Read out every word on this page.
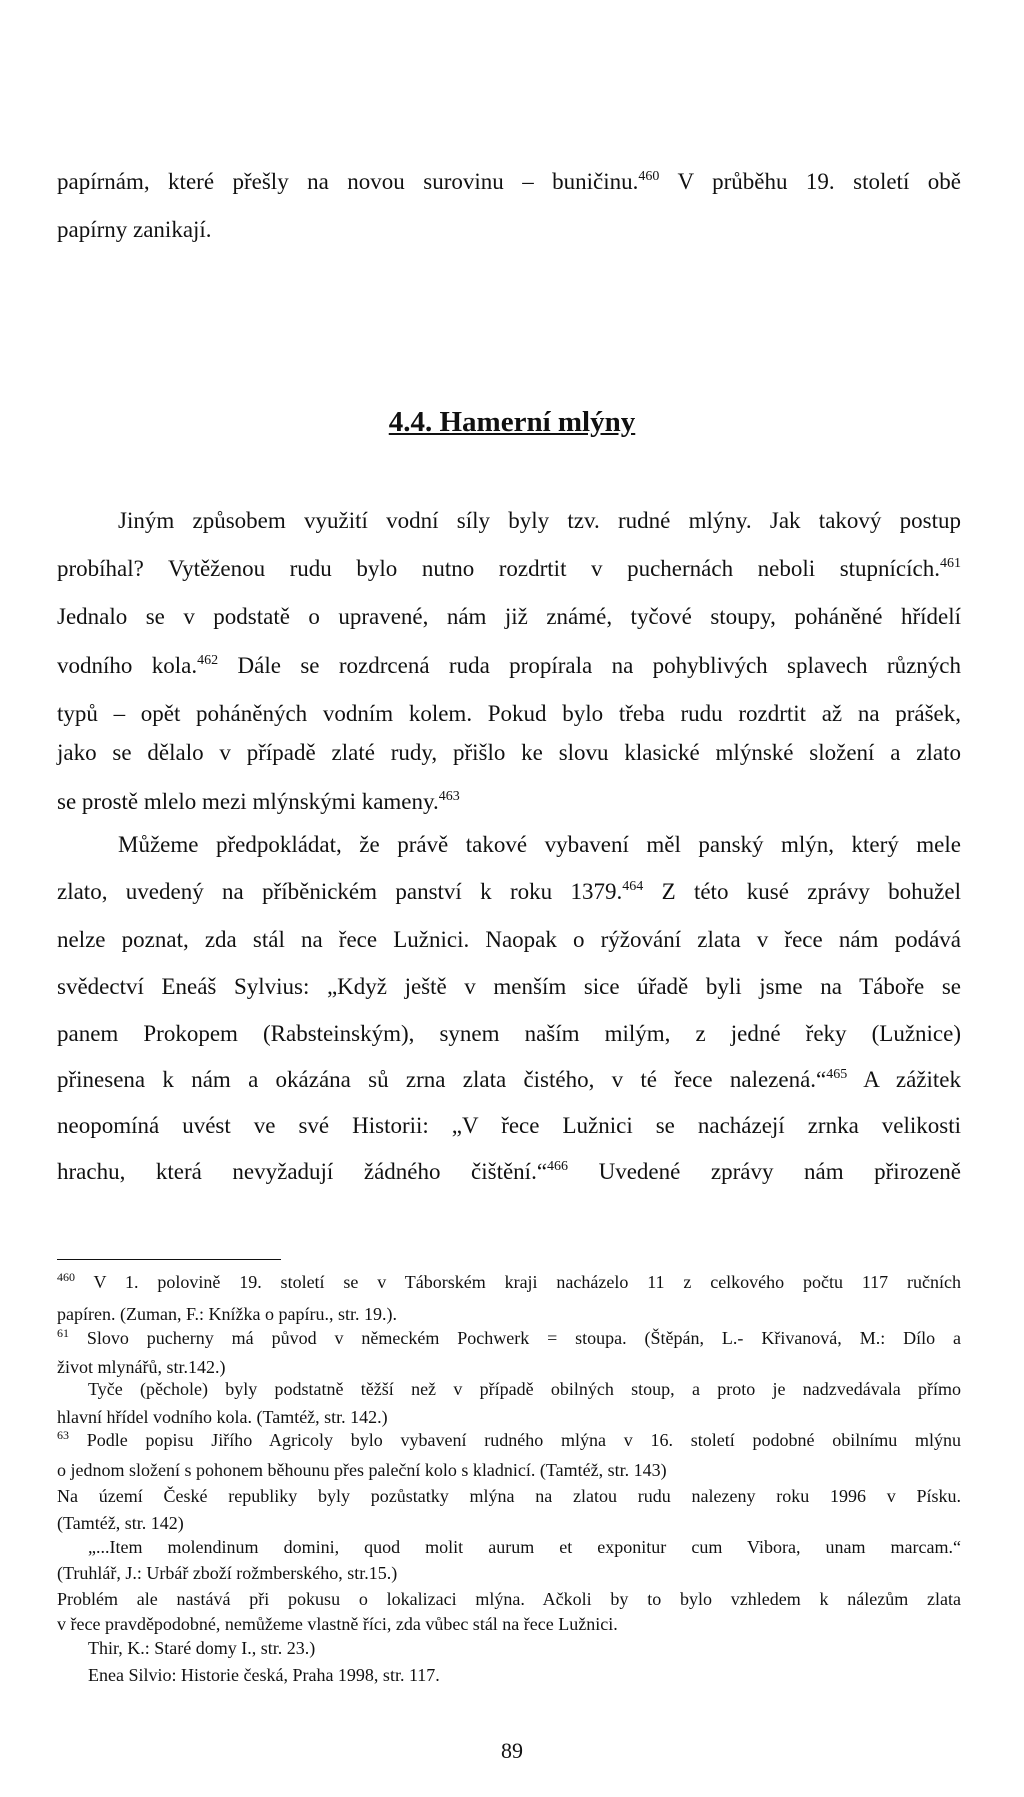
papírnám, které přešly na novou surovinu – buničinu.$^{460}$ V průběhu 19. století obě
papírny zanikají.
4.4. Hamerní mlýny
Jiným způsobem využití vodní síly byly tzv. rudné mlýny. Jak takový postup
probíhal? Vytěženou rudu bylo nutno rozdrtit v puchernách neboli stupnících.$^{461}$
Jednalo se v podstatě o upravené, nám již známé, tyčové stoupy, poháněné hřídelí
vodního kola.$^{462}$ Dále se rozdrcená ruda propírala na pohyblivých splavech různých
typů – opět poháněných vodním kolem. Pokud bylo třeba rudu rozdrtit až na prášek,
jako se dělalo v případě zlaté rudy, přišlo ke slovu klasické mlýnské složení a zlato
se prostě mlelo mezi mlýnskými kameny.$^{463}$
Můžeme předpokládat, že právě takové vybavení měl panský mlýn, který mele
zlato, uvedený na příběnickém panství k roku 1379.$^{464}$ Z této kusé zprávy bohužel
nelze poznat, zda stál na řece Lužnici. Naopak o rýžování zlata v řece nám podává
svědectví Eneáš Sylvius: „Když ještě v menším sice úřadě byli jsme na Táboře se
panem Prokopem (Rabsteinským), synem naším milým, z jedné řeky (Lužnice)
přinesena k nám a okázána sů zrna zlata čistého, v té řece nalezená.“$^{465}$ A zážitek
neopomíná uvést ve své Historii: „V řece Lužnici se nacházejí zrnka velikosti
hrachu, která nevyžadují žádného čištění.“$^{466}$ Uvedené zprávy nám přirozeně
$^{460}$ V 1. polovině 19. století se v Táborském kraji nacházelo 11 z celkového počtu 117 ručních
papíren. (Zuman, F.: Knížka o papíru., str. 19.).
$^{61}$ Slovo pucherny má původ v německém Pochwerk = stoupa. (Štěpán, L.- Křivanová, M.: Dílo a
život mlynářů, str.142.)
Tyče (pěchole) byly podstatně těžší než v případě obilných stoup, a proto je nadzvedávala přímo
hlavní hřídel vodního kola. (Tamtéž, str. 142.)
$^{63}$ Podle popisu Jiřího Agricoly bylo vybavení rudného mlýna v 16. století podobné obilnímu mlýnu
o jednom složení s pohonem běhounu přes paleční kolo s kladnicí. (Tamtéž, str. 143)
Na území České republiky byly pozůstatky mlýna na zlatou rudu nalezeny roku 1996 v Písku.
(Tamtéž, str. 142)
„...Item molendinum domini, quod molit aurum et exponitur cum Vibora, unam marcam.“
(Truhlář, J.: Urbář zboží rožmberského, str.15.)
Problém ale nastává při pokusu o lokalizaci mlýna. Ačkoli by to bylo vzhledem k nálezům zlata
v řece pravděpodobné, nemůžeme vlastně říci, zda vůbec stál na řece Lužnici.
Thir, K.: Staré domy I., str. 23.)
Enea Silvio: Historie česká, Praha 1998, str. 117.
89
